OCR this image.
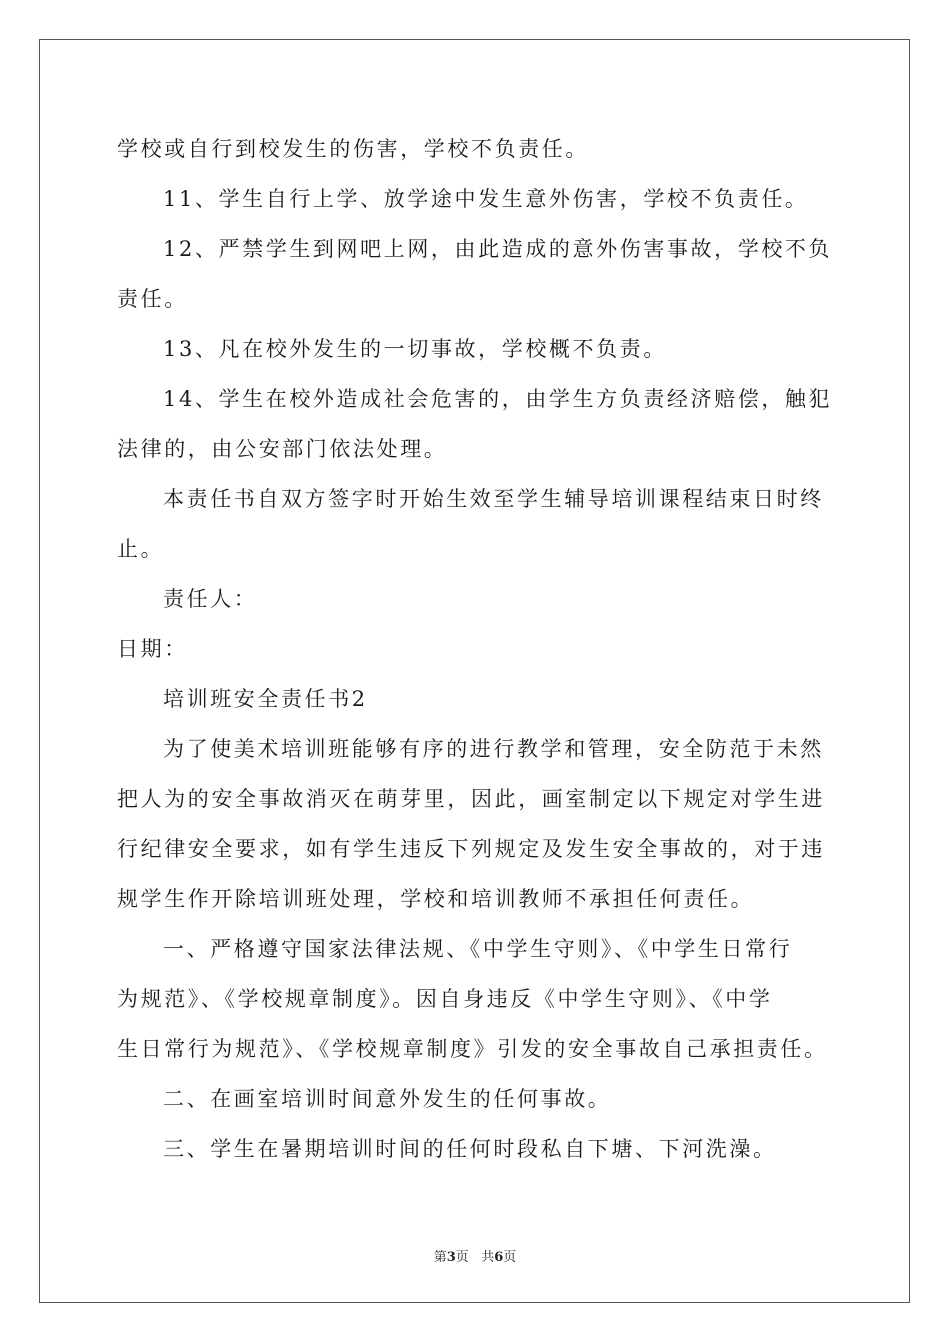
学校或自行到校发生的伤害，学校不负责任。
11、学生自行上学、放学途中发生意外伤害，学校不负责任。
12、严禁学生到网吧上网，由此造成的意外伤害事故，学校不负
责任。
13、凡在校外发生的一切事故，学校概不负责。
14、学生在校外造成社会危害的，由学生方负责经济赔偿，触犯
法律的，由公安部门依法处理。
本责任书自双方签字时开始生效至学生辅导培训课程结束日时终
止。
责任人：
日期：
培训班安全责任书2
为了使美术培训班能够有序的进行教学和管理，安全防范于未然
把人为的安全事故消灭在萌芽里，因此，画室制定以下规定对学生进
行纪律安全要求，如有学生违反下列规定及发生安全事故的，对于违
规学生作开除培训班处理，学校和培训教师不承担任何责任。
一、严格遵守国家法律法规、《中学生守则》、《中学生日常行
为规范》、《学校规章制度》。因自身违反《中学生守则》、《中学
生日常行为规范》、《学校规章制度》引发的安全事故自己承担责任。
二、在画室培训时间意外发生的任何事故。
三、学生在暑期培训时间的任何时段私自下塘、下河洗澡。
第3页 共6页
